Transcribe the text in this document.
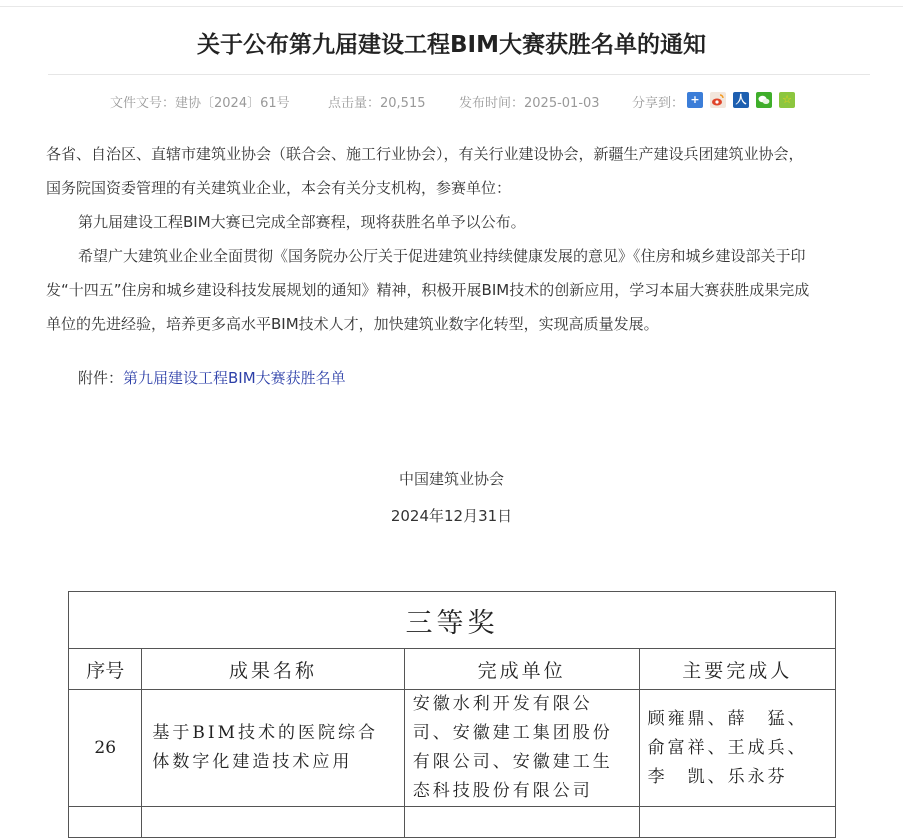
关于公布第九届建设工程BIM大赛获胜名单的通知
文件文号：建协〔2024〕61号	点击量：20,515	发布时间：2025-01-03 分享到： +	人	☆

各省、自治区、直辖市建筑业协会（联合会、施工行业协会），有关行业建设协会，新疆生产建设兵团建筑业协会，

国务院国资委管理的有关建筑业企业，本会有关分支机构，参赛单位：

第九届建设工程BIM大赛已完成全部赛程，现将获胜名单予以公布。

希望广大建筑业企业全面贯彻《国务院办公厅关于促进建筑业持续健康发展的意见》《住房和城乡建设部关于印

发“十四五”住房和城乡建设科技发展规划的通知》精神，积极开展BIM技术的创新应用，学习本届大赛获胜成果完成

单位的先进经验，培养更多高水平BIM技术人才，加快建筑业数字化转型，实现高质量发展。

附件：第九届建设工程BIM大赛获胜名单
中国建筑业协会
2024年12月31日
三等奖			
序号	成果名称	完成单位	主要完成人
26	基于BIM技术的医院综合体数字化建造技术应用	安徽水利开发有限公司、安徽建工集团股份有限公司、安徽建工生态科技股份有限公司	顾雍鼎、薛　猛、俞富祥、王成兵、李　凯、乐永芬
